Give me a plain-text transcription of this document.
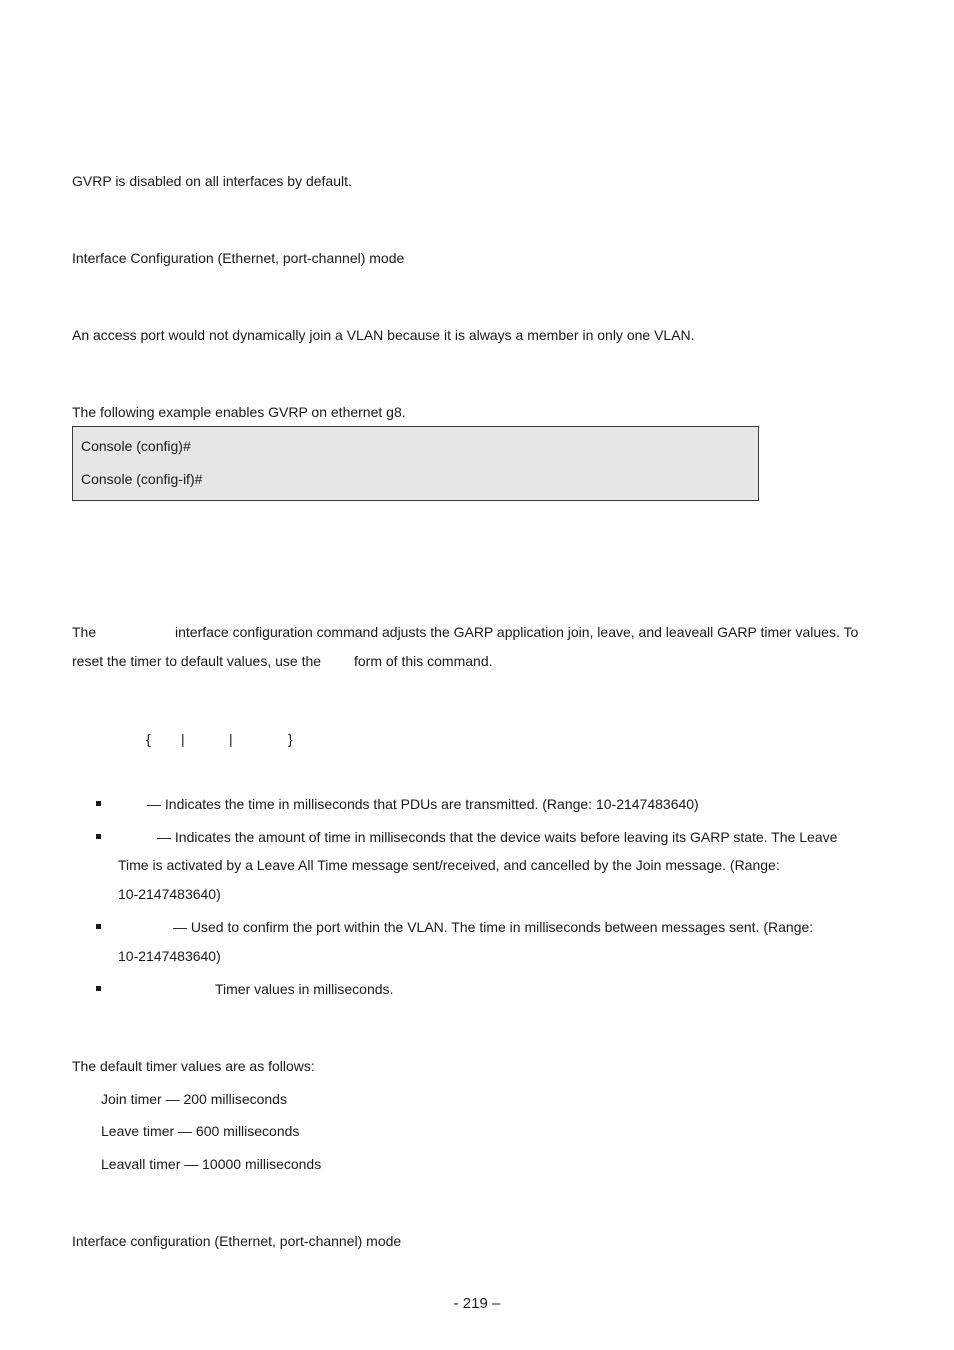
GVRP is disabled on all interfaces by default.
Interface Configuration (Ethernet, port-channel) mode
An access port would not dynamically join a VLAN because it is always a member in only one VLAN.
The following example enables GVRP on ethernet g8.
Console (config)#
Console (config-if)#
The	interface configuration command adjusts the GARP application join, leave, and leaveall GARP timer values. To
reset the timer to default values, use the form of this command.
{ |	|	}
— Indicates the time in milliseconds that PDUs are transmitted. (Range: 10-2147483640)
— Indicates the amount of time in milliseconds that the device waits before leaving its GARP state. The Leave
Time is activated by a Leave All Time message sent/received, and cancelled by the Join message. (Range:
10-2147483640)
— Used to confirm the port within the VLAN. The time in milliseconds between messages sent. (Range:
10-2147483640)
Timer values in milliseconds.
The default timer values are as follows:
Join timer — 200 milliseconds
Leave timer — 600 milliseconds
Leavall timer — 10000 milliseconds
Interface configuration (Ethernet, port-channel) mode
- 219 –
